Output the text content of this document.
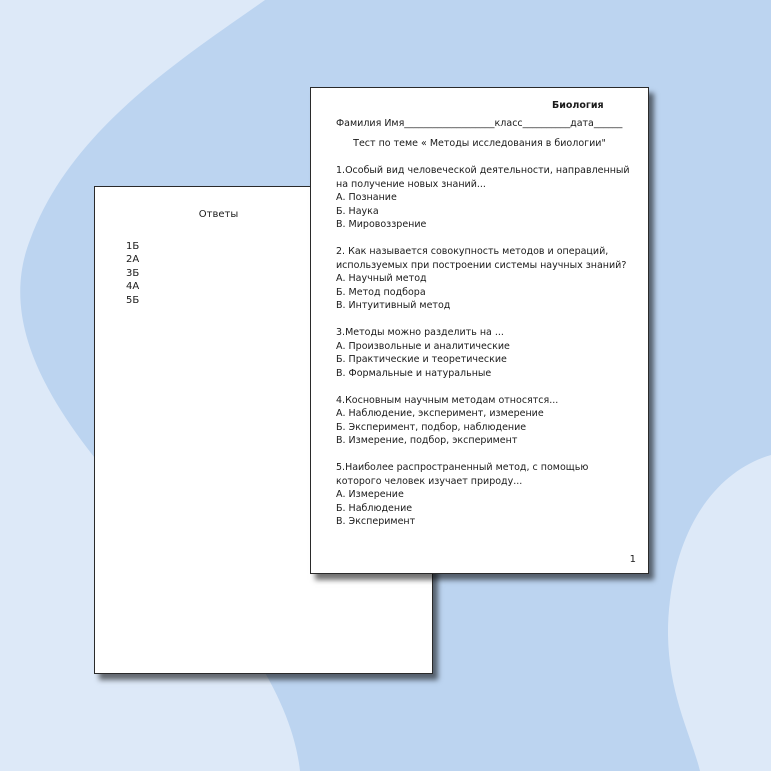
Ответы
1Б
2А
3Б
4А
5Б
Биология
Фамилия Имя___________________класс__________дата______
Тест по теме « Методы исследования в биологии"
1.Особый вид человеческой деятельности, направленный на получение новых знаний...
А. Познание
Б. Наука
В. Мировоззрение
2. Как называется совокупность методов и операций, используемых при построении системы научных знаний?
А. Научный метод
Б. Метод подбора
В. Интуитивный метод
3.Методы можно разделить на ...
А. Произвольные и аналитические
Б. Практические и теоретические
В. Формальные и натуральные
4.Косновным научным методам относятся...
А. Наблюдение, эксперимент, измерение
Б. Эксперимент, подбор, наблюдение
В. Измерение, подбор, эксперимент
5.Наиболее распространенный метод, с помощью которого человек изучает природу...
А. Измерение
Б. Наблюдение
В. Эксперимент
1
